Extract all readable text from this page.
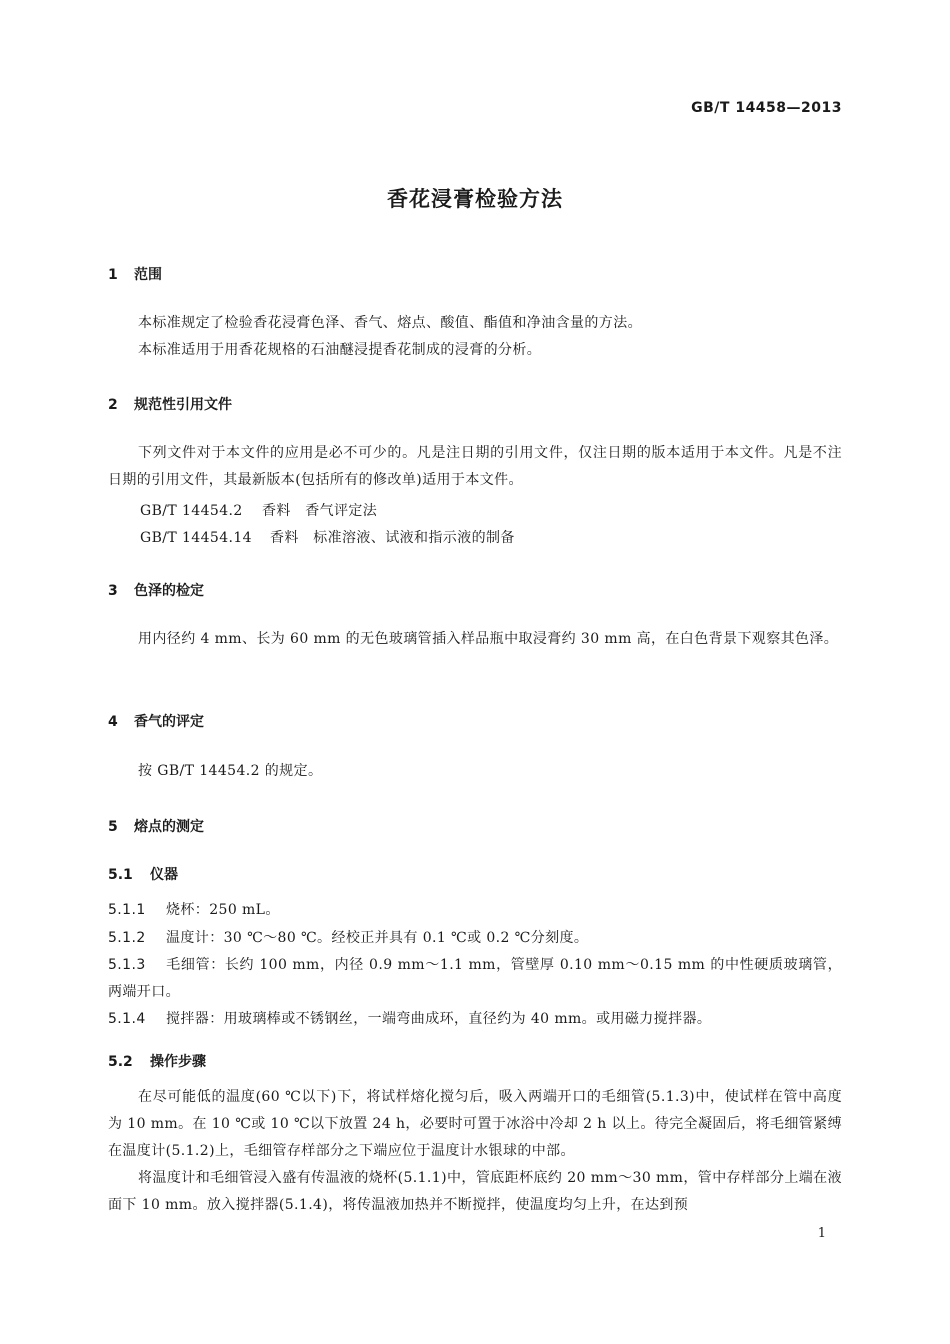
GB/T 14458—2013
香花浸膏检验方法
1 范围
本标准规定了检验香花浸膏色泽、香气、熔点、酸值、酯值和净油含量的方法。
本标准适用于用香花规格的石油醚浸提香花制成的浸膏的分析。
2 规范性引用文件
下列文件对于本文件的应用是必不可少的。凡是注日期的引用文件，仅注日期的版本适用于本文件。凡是不注日期的引用文件，其最新版本(包括所有的修改单)适用于本文件。
GB/T 14454.2 香料　香气评定法
GB/T 14454.14 香料　标准溶液、试液和指示液的制备
3 色泽的检定
用内径约 4 mm、长为 60 mm 的无色玻璃管插入样品瓶中取浸膏约 30 mm 高，在白色背景下观察其色泽。
4 香气的评定
按 GB/T 14454.2 的规定。
5 熔点的测定
5.1 仪器
5.1.1 烧杯：250 mL。
5.1.2 温度计：30 ℃～80 ℃。经校正并具有 0.1 ℃或 0.2 ℃分刻度。
5.1.3 毛细管：长约 100 mm，内径 0.9 mm～1.1 mm，管壁厚 0.10 mm～0.15 mm 的中性硬质玻璃管，两端开口。
5.1.4 搅拌器：用玻璃棒或不锈钢丝，一端弯曲成环，直径约为 40 mm。或用磁力搅拌器。
5.2 操作步骤
在尽可能低的温度(60 ℃以下)下，将试样熔化搅匀后，吸入两端开口的毛细管(5.1.3)中，使试样在管中高度为 10 mm。在 10 ℃或 10 ℃以下放置 24 h，必要时可置于冰浴中冷却 2 h 以上。待完全凝固后，将毛细管紧缚在温度计(5.1.2)上，毛细管存样部分之下端应位于温度计水银球的中部。
将温度计和毛细管浸入盛有传温液的烧杯(5.1.1)中，管底距杯底约 20 mm～30 mm，管中存样部分上端在液面下 10 mm。放入搅拌器(5.1.4)，将传温液加热并不断搅拌，使温度均匀上升，在达到预
1
